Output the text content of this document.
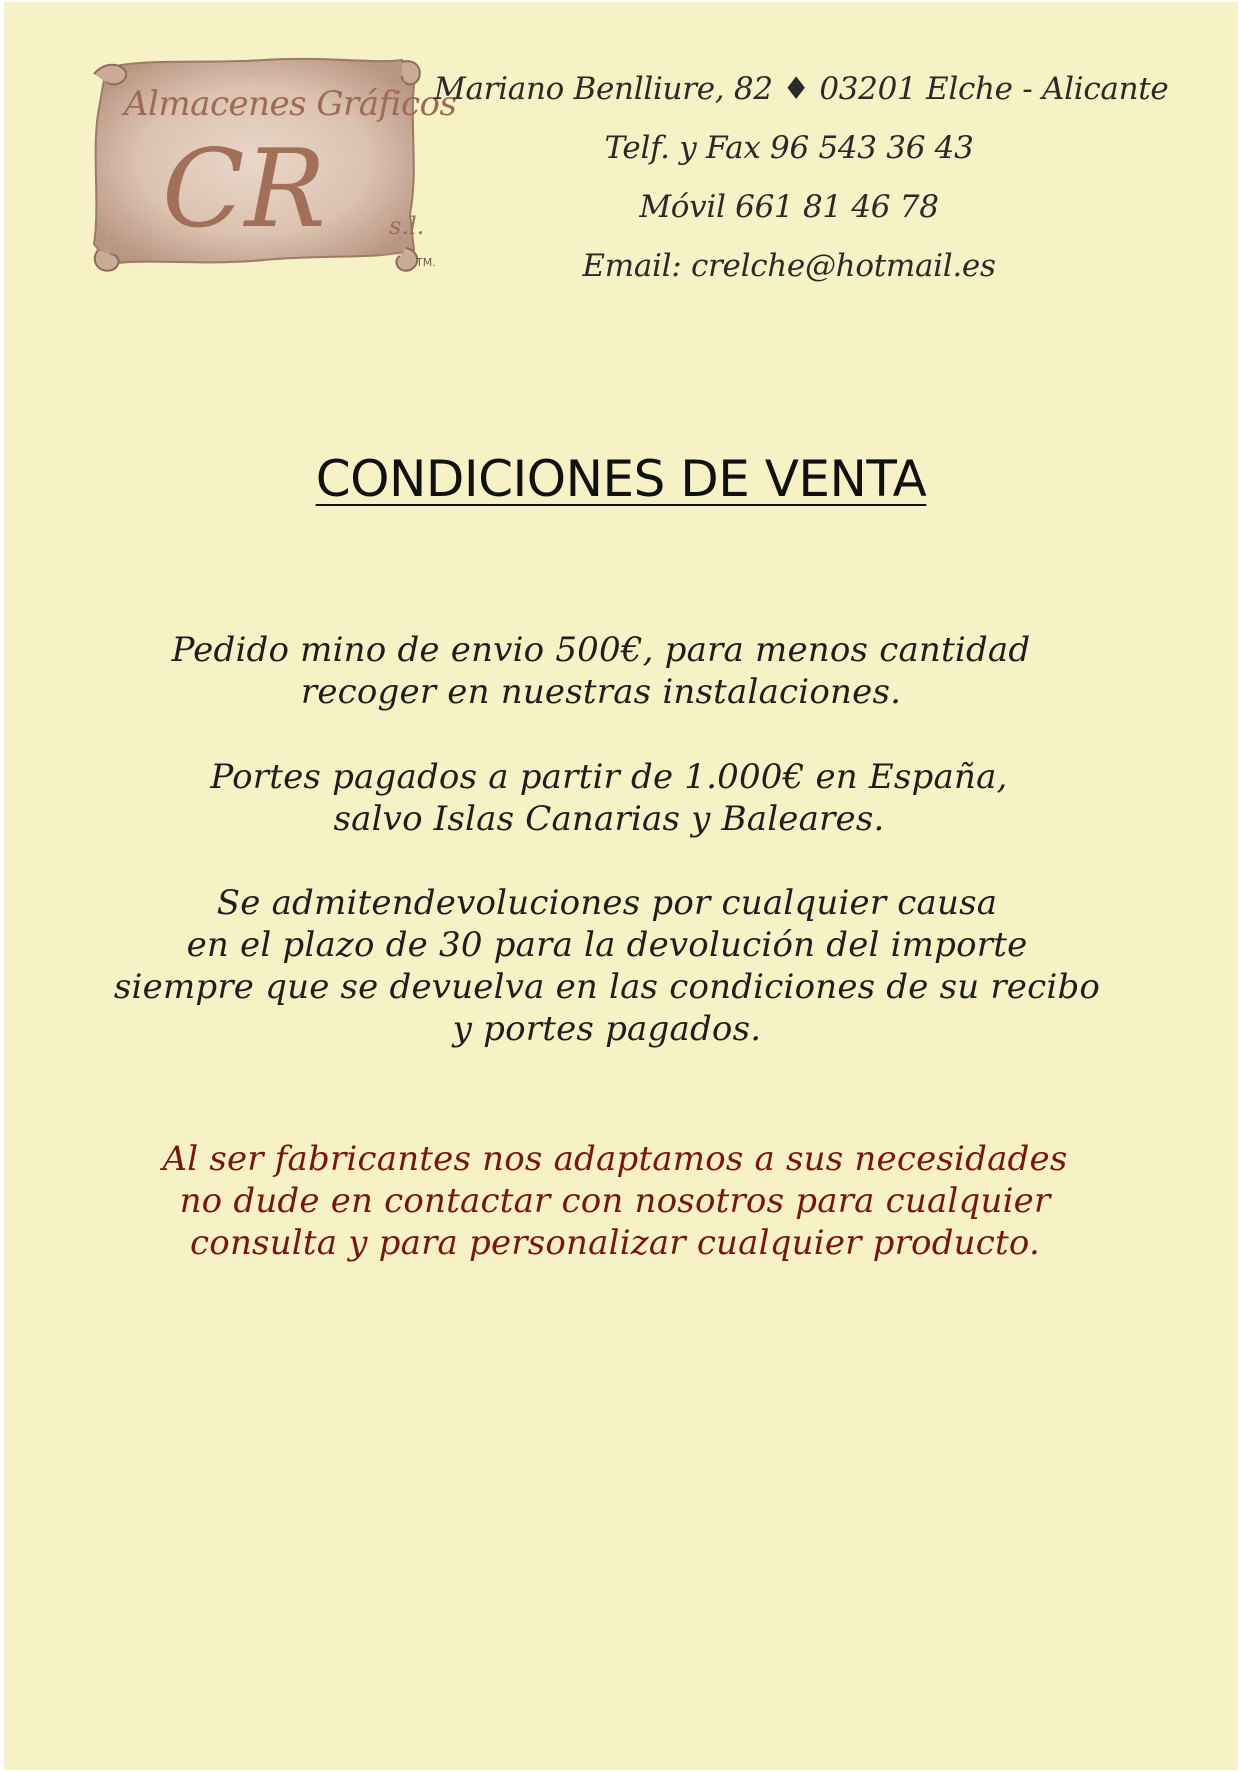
Almacenes Gráficos
CR	s.l.
TM.
Mariano Benlliure, 82 ♦ 03201 Elche - Alicante
Telf. y Fax 96 543 36 43
Móvil 661 81 46 78
Email: crelche@hotmail.es
CONDICIONES DE VENTA
Pedido mino de envio 500€, para menos cantidad
recoger en nuestras instalaciones.
Portes pagados a partir de 1.000€ en España,
salvo Islas Canarias y Baleares.
Se admitendevoluciones por cualquier causa
en el plazo de 30 para la devolución del importe
siempre que se devuelva en las condiciones de su recibo
y portes pagados.
Al ser fabricantes nos adaptamos a sus necesidades
no dude en contactar con nosotros para cualquier
consulta y para personalizar cualquier producto.
